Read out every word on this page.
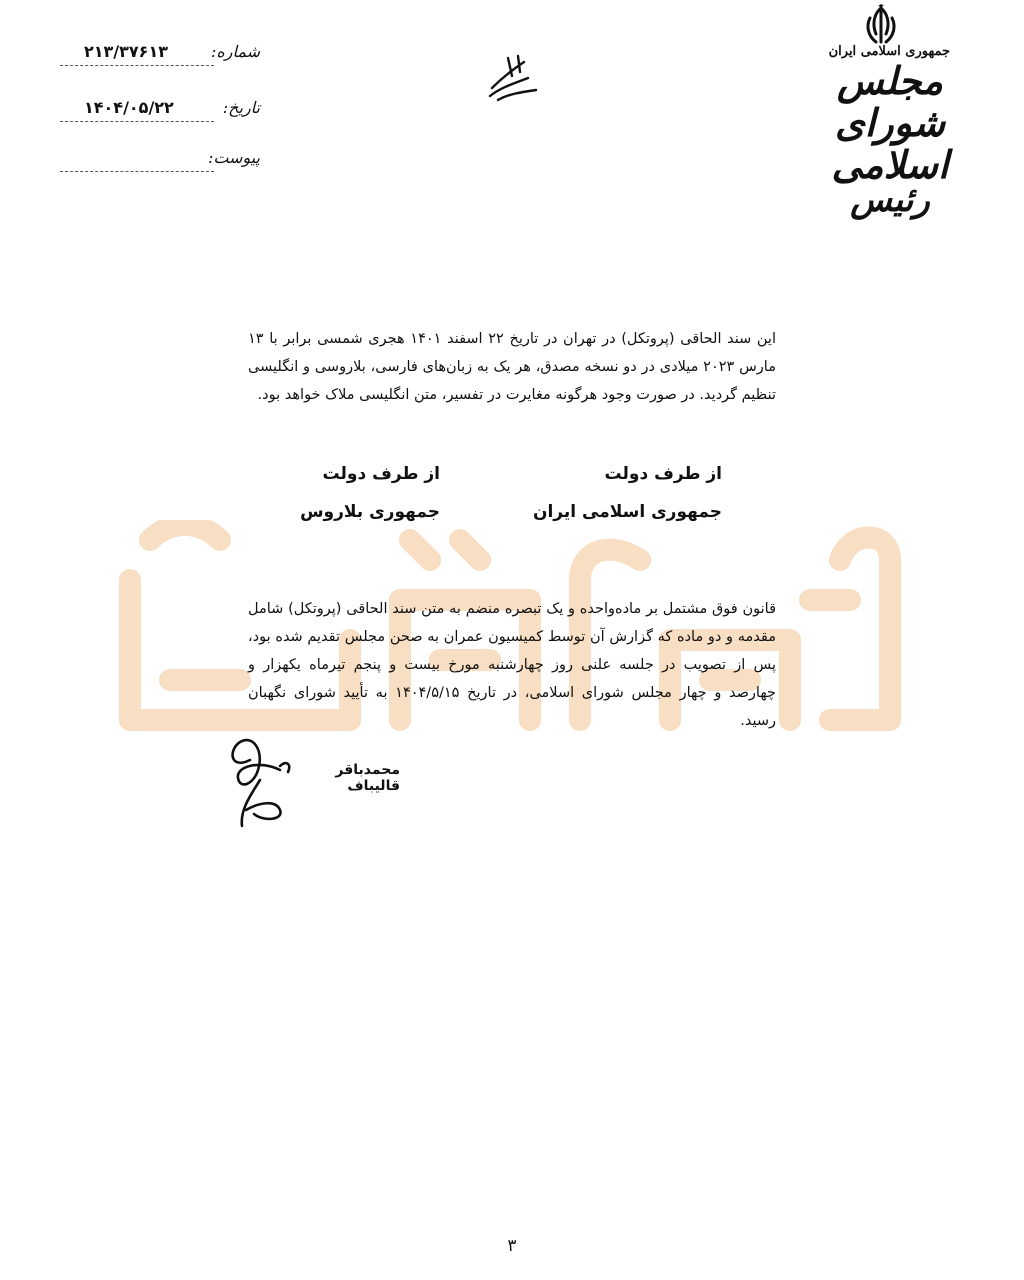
جمهوری اسلامی ایران
مجلس شورای
اسلامی
رئیس
۲۱۳/۳۷۶۱۳	شماره:
۱۴۰۴/۰۵/۲۲	تاریخ:
پیوست:

این سند الحاقی (پروتکل) در تهران در تاریخ ۲۲ اسفند ۱۴۰۱ هجری شمسی برابر با ۱۳ مارس ۲۰۲۳ میلادی در دو نسخه مصدق، هر یک به زبان‌های فارسی، بلاروسی و انگلیسی تنظیم گردید. در صورت وجود هرگونه مغایرت در تفسیر، متن انگلیسی ملاک خواهد بود.

از طرف دولت
جمهوری اسلامی ایران
از طرف دولت
جمهوری بلاروس

قانون فوق مشتمل بر ماده‌واحده و یک تبصره منضم به متن سند الحاقی (پروتکل) شامل مقدمه و دو ماده که گزارش آن توسط کمیسیون عمران به صحن مجلس تقدیم شده بود، پس از تصویب در جلسه علنی روز چهارشنبه مورخ بیست و پنجم تیرماه یکهزار و چهارصد و چهار مجلس شورای اسلامی، در تاریخ ۱۴۰۴/۵/۱۵ به تأیید شورای نگهبان رسید.

محمدباقر قالیباف
۳
